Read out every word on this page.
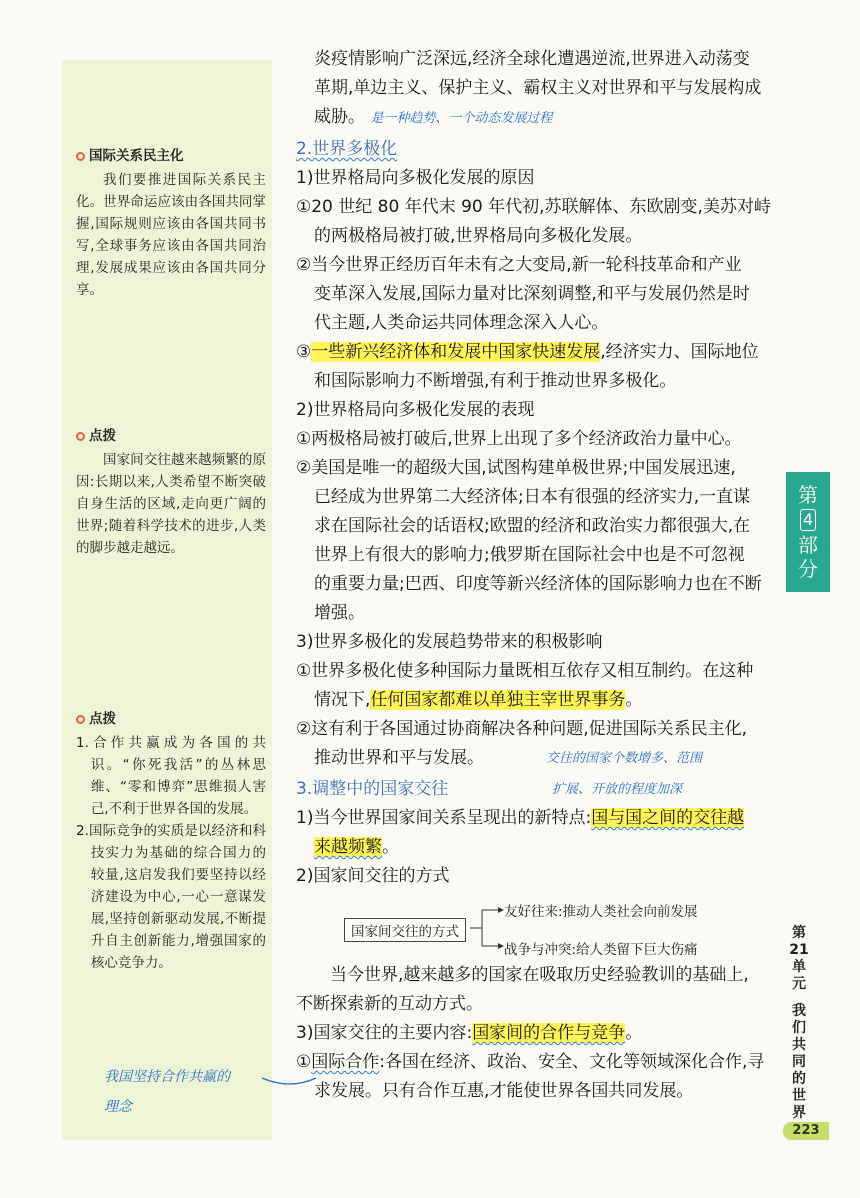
国际关系民主化
我们要推进国际关系民主化。世界命运应该由各国共同掌握,国际规则应该由各国共同书写,全球事务应该由各国共同治理,发展成果应该由各国共同分享。
点拨
国家间交往越来越频繁的原因:长期以来,人类希望不断突破自身生活的区域,走向更广阔的世界;随着科学技术的进步,人类的脚步越走越远。
点拨
1.合作共赢成为各国的共识。“你死我活”的丛林思维、“零和博弈”思维损人害己,不利于世界各国的发展。
2.国际竞争的实质是以经济和科技实力为基础的综合国力的较量,这启发我们要坚持以经济建设为中心,一心一意谋发展,坚持创新驱动发展,不断提升自主创新能力,增强国家的核心竞争力。
我国坚持合作共赢的
理念
炎疫情影响广泛深远,经济全球化遭遇逆流,世界进入动荡变
革期,单边主义、保护主义、霸权主义对世界和平与发展构成
威胁。 是一种趋势、一个动态发展过程
2.世界多极化
1)世界格局向多极化发展的原因
①20 世纪 80 年代末 90 年代初,苏联解体、东欧剧变,美苏对峙
的两极格局被打破,世界格局向多极化发展。
②当今世界正经历百年未有之大变局,新一轮科技革命和产业
变革深入发展,国际力量对比深刻调整,和平与发展仍然是时
代主题,人类命运共同体理念深入人心。
③一些新兴经济体和发展中国家快速发展,经济实力、国际地位
和国际影响力不断增强,有利于推动世界多极化。
2)世界格局向多极化发展的表现
①两极格局被打破后,世界上出现了多个经济政治力量中心。
②美国是唯一的超级大国,试图构建单极世界;中国发展迅速,
已经成为世界第二大经济体;日本有很强的经济实力,一直谋
求在国际社会的话语权;欧盟的经济和政治实力都很强大,在
世界上有很大的影响力;俄罗斯在国际社会中也是不可忽视
的重要力量;巴西、印度等新兴经济体的国际影响力也在不断
增强。
3)世界多极化的发展趋势带来的积极影响
①世界多极化使多种国际力量既相互依存又相互制约。在这种
情况下,任何国家都难以单独主宰世界事务。
②这有利于各国通过协商解决各种问题,促进国际关系民主化,
推动世界和平与发展。	交往的国家个数增多、范围
3.调整中的国家交往	扩展、开放的程度加深
1)当今世界国家间关系呈现出的新特点:国与国之间的交往越
来越频繁。
2)国家间交往的方式
当今世界,越来越多的国家在吸取历史经验教训的基础上,
不断探索新的互动方式。
3)国家交往的主要内容:国家间的合作与竞争。
①国际合作:各国在经济、政治、安全、文化等领域深化合作,寻
求发展。只有合作互惠,才能使世界各国共同发展。
国家间交往的方式
友好往来:推动人类社会向前发展
战争与冲突:给人类留下巨大伤痛
第
4
部
分
第21单元
我们共同的世界
223
